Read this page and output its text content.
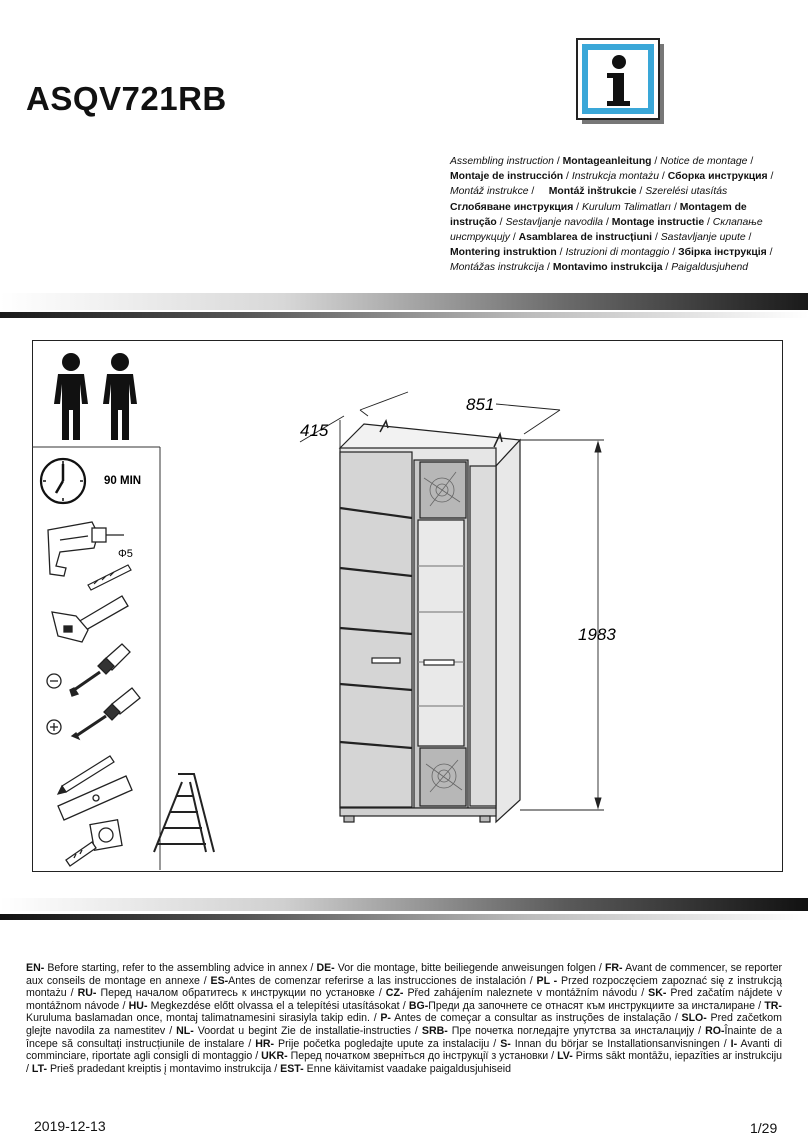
ASQV721RB
Assembling instruction / Montageanleitung / Notice de montage /
Montaje de instrucción / Instrukcja montażu / Сборка инструкция /
Montáž instrukce /     Montáž inštrukcie / Szerelési utasítás
Сглобяване инструкция / Kurulum Talimatları / Montagem de
instrução / Sestavljanje navodila / Montage instructie / Склапање
инструкцију / Asamblarea de instrucțiuni / Sastavljanje upute /
Montering instruktion / Istruzioni di montaggio / Збірка інструкція /
Montážas instrukcija / Montavimo instrukcija / Paigaldusjuhend
90 MIN
Φ5
851
415
1983
EN- Before starting, refer to the assembling advice in annex / DE- Vor die montage, bitte beiliegende anweisungen folgen / FR- Avant de commencer, se reporter aux conseils de montage en annexe / ES-Antes de comenzar referirse a las instrucciones de instalación / PL - Przed rozpoczęciem zapoznać się z instrukcją montażu / RU- Перед началом обратитесь к инструкции по установке / CZ- Před zahájením naleznete v montážním návodu / SK- Pred začatím nájdete v montážnom návode / HU- Megkezdése előtt olvassa el a telepítési utasításokat / BG-Преди да започнете се отнасят към инструкциите за инсталиране / TR- Kuruluma baslamadan once, montaj talimatnamesini sirasiyla takip edin. / P- Antes de começar a consultar as instruções de instalação / SLO- Pred začetkom glejte navodila za namestitev / NL- Voordat u begint Zie de installatie-instructies / SRB- Пре почетка погледајте упутства за инсталацију / RO-Înainte de a începe să consultați instrucțiunile de instalare / HR- Prije početka pogledajte upute za instalaciju / S- Innan du börjar se Installationsanvisningen / I- Avanti di comminciare, riportate agli consigli di montaggio / UKR- Перед початком зверніться до інструкції з установки / LV- Pirms sākt montāžu, iepazīties ar instrukciju / LT- Prieš pradedant kreiptis į montavimo instrukcija / EST- Enne käivitamist vaadake paigaldusjuhiseid
2019-12-13	1/29
